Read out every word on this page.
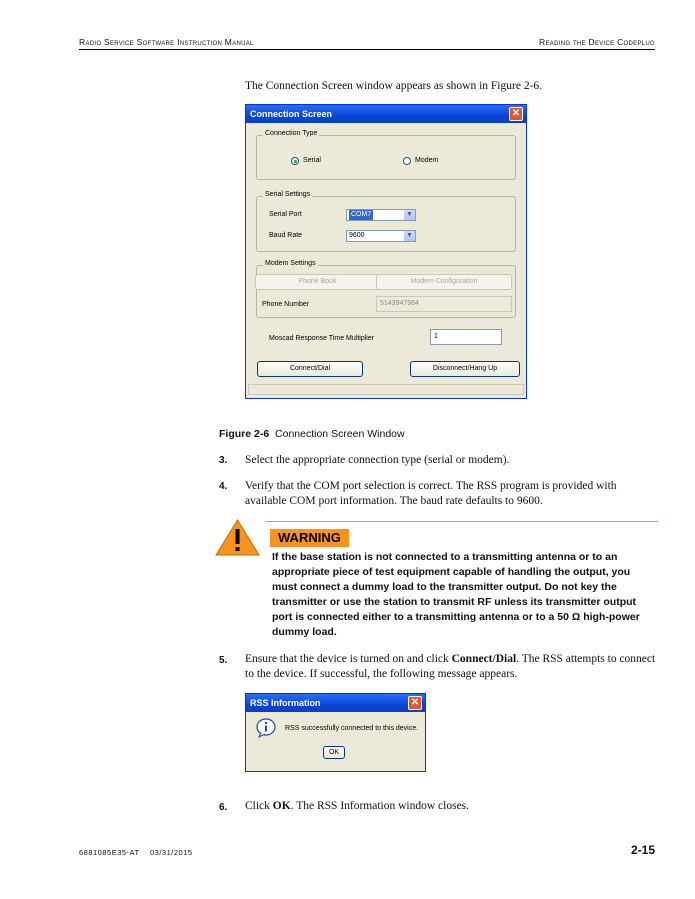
Radio Service Software Instruction Manual	Reading the Device Codeplug
The Connection Screen window appears as shown in Figure 2-6.
Connection Screen	✕
Connection Type
Serial	Modem
Serial Settings
Serial Port	COM7	▼
Baud Rate	9600	▼
Modem Settings
Phone Book	Modem Configuration
Phone Number	5143947984
Moscad Response Time Multiplier	1
Connect/Dial	Disconnect/Hang Up
Figure 2-6 Connection Screen Window
3. Select the appropriate connection type (serial or modem).
4. Verify that the COM port selection is correct. The RSS program is provided with available COM port information. The baud rate defaults to 9600.
WARNING
If the base station is not connected to a transmitting antenna or to an appropriate piece of test equipment capable of handling the output, you must connect a dummy load to the transmitter output. Do not key the transmitter or use the station to transmit RF unless its transmitter output port is connected either to a transmitting antenna or to a 50 Ω high-power dummy load.
5. Ensure that the device is turned on and click Connect/Dial. The RSS attempts to connect to the device. If successful, the following message appears.
RSS Information	✕
RSS successfully connected to this device.
OK
6. Click OK. The RSS Information window closes.
6881085E35-AT 03/31/2015	2-15
